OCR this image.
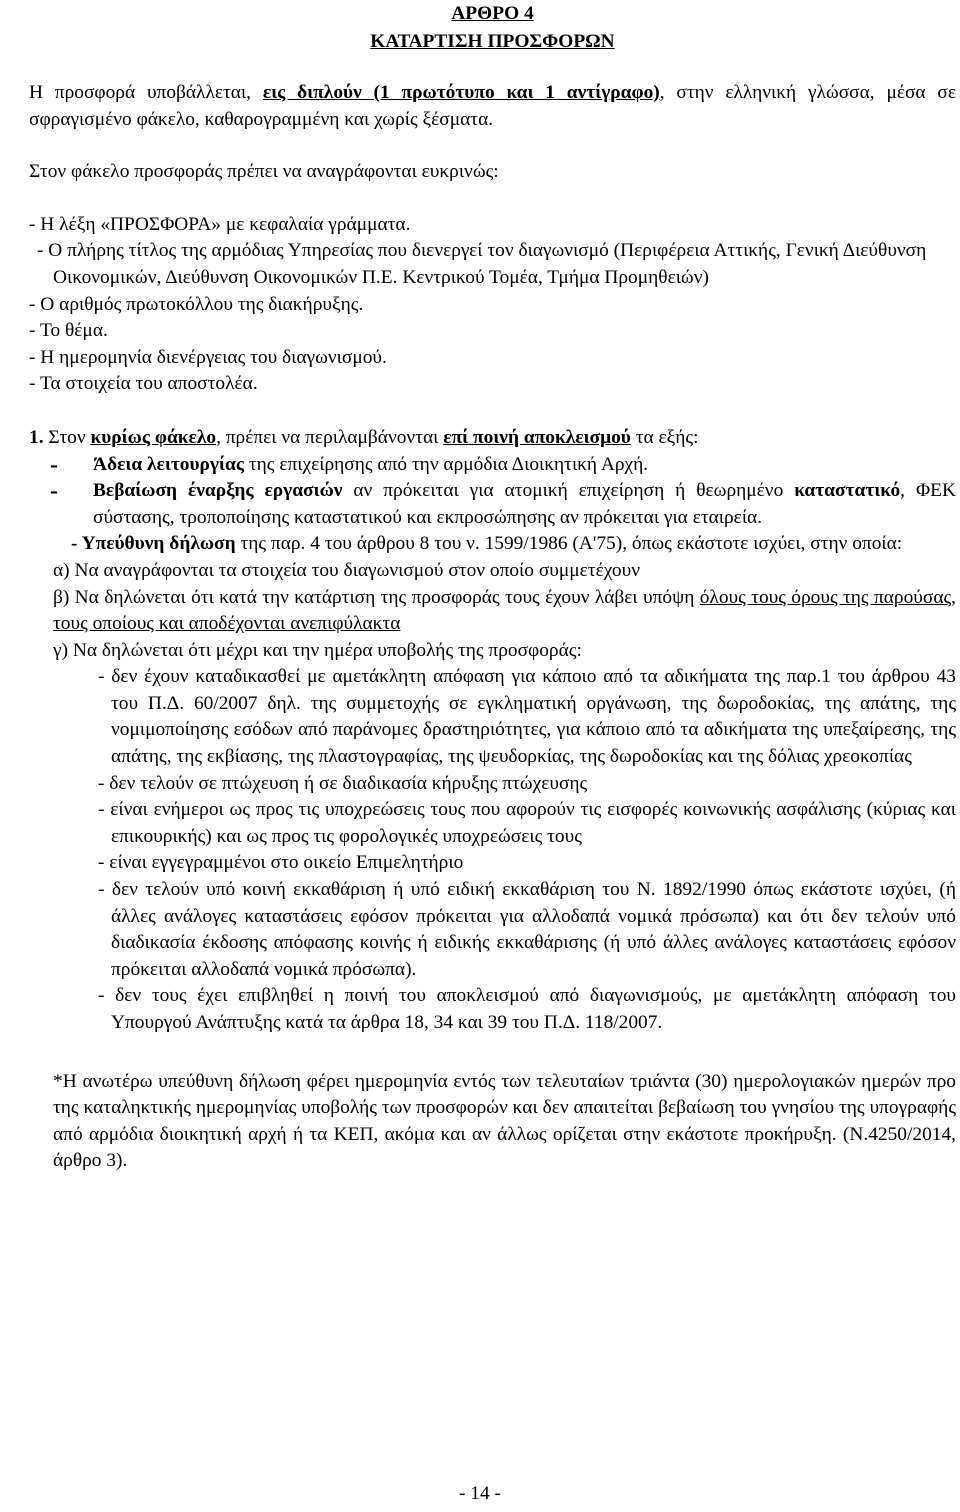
ΑΡΘΡΟ 4
ΚΑΤΑΡΤΙΣΗ ΠΡΟΣΦΟΡΩΝ

Η προσφορά υποβάλλεται, εις διπλούν (1 πρωτότυπο και 1 αντίγραφο), στην ελληνική γλώσσα, μέσα σε σφραγισμένο φάκελο, καθαρογραμμένη και χωρίς ξέσματα.

Στον φάκελο προσφοράς πρέπει να αναγράφονται ευκρινώς:

- Η λέξη «ΠΡΟΣΦΟΡΑ» με κεφαλαία γράμματα.

- Ο πλήρης τίτλος της αρμόδιας Υπηρεσίας που διενεργεί τον διαγωνισμό (Περιφέρεια Αττικής, Γενική Διεύθυνση Οικονομικών, Διεύθυνση Οικονομικών Π.Ε. Κεντρικού Τομέα, Τμήμα Προμηθειών)

- Ο αριθμός πρωτοκόλλου της διακήρυξης.

- Το θέμα.

- Η ημερομηνία διενέργειας του διαγωνισμού.

- Τα στοιχεία του αποστολέα.

1. Στον κυρίως φάκελο, πρέπει να περιλαμβάνονται επί ποινή αποκλεισμού τα εξής:

-	Άδεια λειτουργίας της επιχείρησης από την αρμόδια Διοικητική Αρχή.
-	Βεβαίωση έναρξης εργασιών αν πρόκειται για ατομική επιχείρηση ή θεωρημένο καταστατικό, ΦΕΚ σύστασης, τροποποίησης καταστατικού και εκπροσώπησης αν πρόκειται για εταιρεία.

- Υπεύθυνη δήλωση της παρ. 4 του άρθρου 8 του ν. 1599/1986 (Α'75), όπως εκάστοτε ισχύει, στην οποία:

α) Να αναγράφονται τα στοιχεία του διαγωνισμού στον οποίο συμμετέχουν

β) Να δηλώνεται ότι κατά την κατάρτιση της προσφοράς τους έχουν λάβει υπόψη όλους τους όρους της παρούσας, τους οποίους και αποδέχονται ανεπιφύλακτα

γ) Να δηλώνεται ότι μέχρι και την ημέρα υποβολής της προσφοράς:

- δεν έχουν καταδικασθεί με αμετάκλητη απόφαση για κάποιο από τα αδικήματα της παρ.1 του άρθρου 43 του Π.Δ. 60/2007 δηλ. της συμμετοχής σε εγκληματική οργάνωση, της δωροδοκίας, της απάτης, της νομιμοποίησης εσόδων από παράνομες δραστηριότητες, για κάποιο από τα αδικήματα της υπεξαίρεσης, της απάτης, της εκβίασης, της πλαστογραφίας, της ψευδορκίας, της δωροδοκίας και της δόλιας χρεοκοπίας

- δεν τελούν σε πτώχευση ή σε διαδικασία κήρυξης πτώχευσης

- είναι ενήμεροι ως προς τις υποχρεώσεις τους που αφορούν τις εισφορές κοινωνικής ασφάλισης (κύριας και επικουρικής) και ως προς τις φορολογικές υποχρεώσεις τους

- είναι εγγεγραμμένοι στο οικείο Επιμελητήριο

- δεν τελούν υπό κοινή εκκαθάριση ή υπό ειδική εκκαθάριση του Ν. 1892/1990 όπως εκάστοτε ισχύει, (ή άλλες ανάλογες καταστάσεις εφόσον πρόκειται για αλλοδαπά νομικά πρόσωπα) και ότι δεν τελούν υπό διαδικασία έκδοσης απόφασης κοινής ή ειδικής εκκαθάρισης (ή υπό άλλες ανάλογες καταστάσεις εφόσον πρόκειται αλλοδαπά νομικά πρόσωπα).

- δεν τους έχει επιβληθεί η ποινή του αποκλεισμού από διαγωνισμούς, με αμετάκλητη απόφαση του Υπουργού Ανάπτυξης κατά τα άρθρα 18, 34 και 39 του Π.Δ. 118/2007.

*Η ανωτέρω υπεύθυνη δήλωση φέρει ημερομηνία εντός των τελευταίων τριάντα (30) ημερολογιακών ημερών προ της καταληκτικής ημερομηνίας υποβολής των προσφορών και δεν απαιτείται βεβαίωση του γνησίου της υπογραφής από αρμόδια διοικητική αρχή ή τα ΚΕΠ, ακόμα και αν άλλως ορίζεται στην εκάστοτε προκήρυξη. (Ν.4250/2014, άρθρο 3).

- 14 -
